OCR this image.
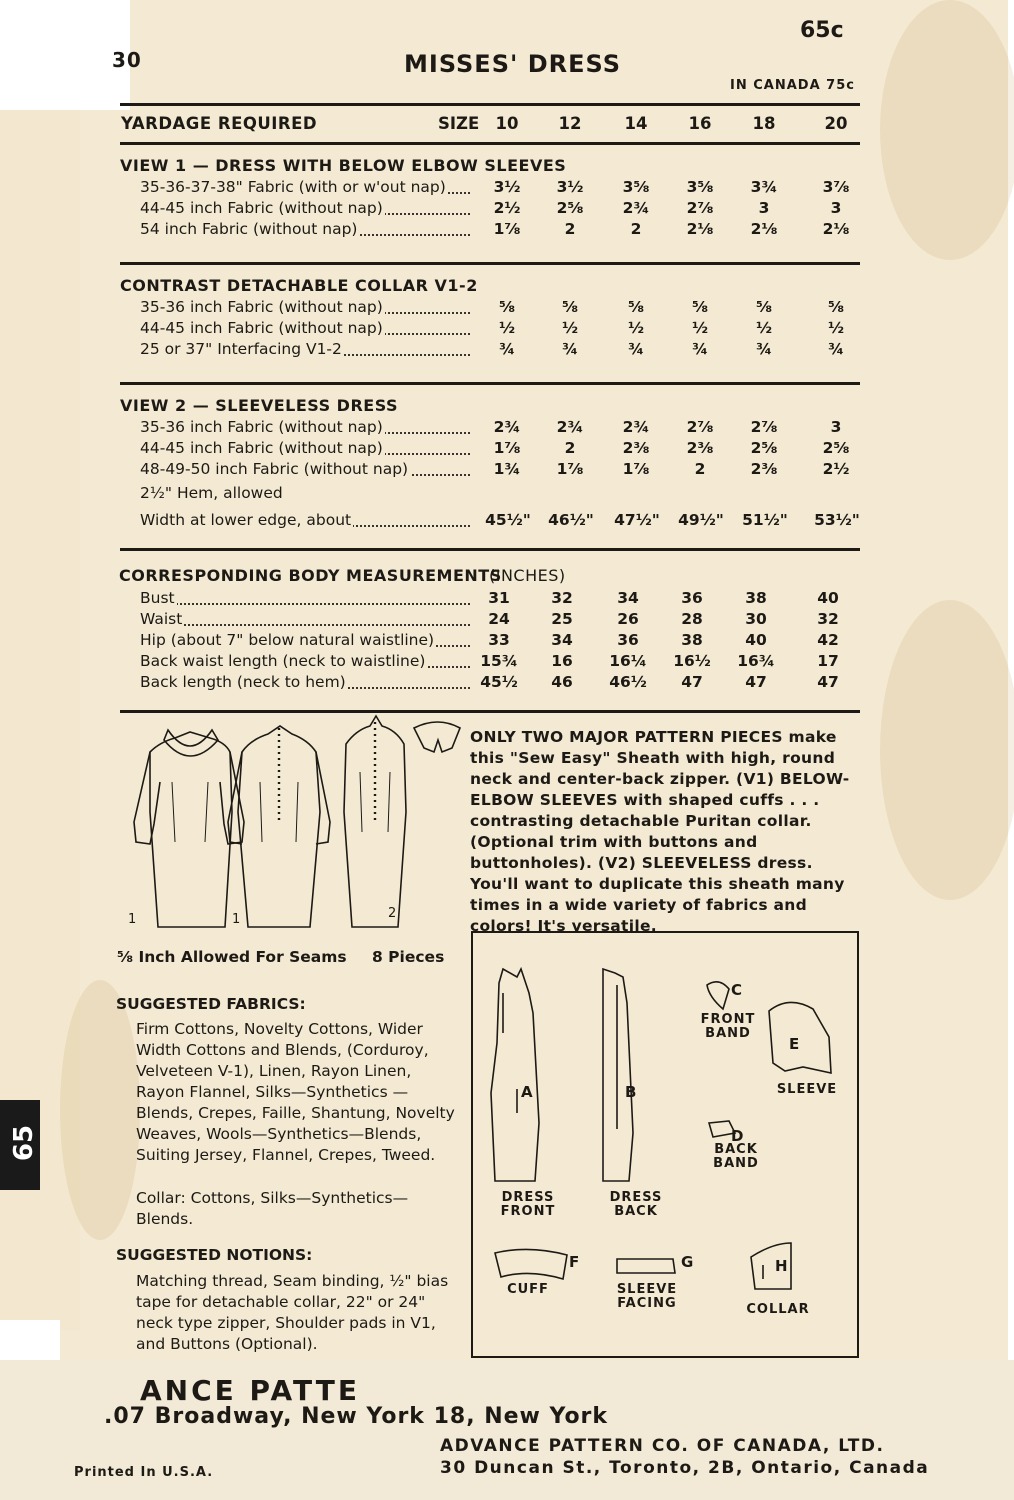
30	MISSES' DRESS
65c
IN CANADA 75c
YARDAGE REQUIRED	SIZE 10	12	14	16	18	20
VIEW 1 — DRESS WITH BELOW ELBOW SLEEVES
35-36-37-38" Fabric (with or w'out nap)	3½	3½	3⅝	3⅝	3¾	3⅞
44-45 inch Fabric (without nap)	2½	2⅝	2¾	2⅞	3	3
54 inch Fabric (without nap)	1⅞	2	2	2⅛	2⅛	2⅛
CONTRAST DETACHABLE COLLAR V1-2
35-36 inch Fabric (without nap)	⅝	⅝	⅝	⅝	⅝	⅝
44-45 inch Fabric (without nap)	½	½	½	½	½	½
25 or 37" Interfacing V1-2	¾	¾	¾	¾	¾	¾
VIEW 2 — SLEEVELESS DRESS
35-36 inch Fabric (without nap)	2¾	2¾	2¾	2⅞	2⅞	3
44-45 inch Fabric (without nap)	1⅞	2	2⅜	2⅜	2⅝	2⅝
48-49-50 inch Fabric (without nap)	1¾	1⅞	1⅞	2	2⅜	2½
2½" Hem, allowed
Width at lower edge, about	45½"	46½"	47½"	49½"	51½"	53½"
CORRESPONDING BODY MEASUREMENTS
(INCHES)
Bust	31	32	34	36	38	40
Waist	24	25	26	28	30	32
Hip (about 7" below natural waistline)	33	34	36	38	40	42
Back waist length (neck to waistline)	15¾	16	16¼	16½	16¾	17
Back length (neck to hem)	45½	46	46½	47	47	47
1	1	2
ONLY TWO MAJOR PATTERN PIECES make this "Sew Easy" Sheath with high, round neck and center-back zipper. (V1) BELOW-ELBOW SLEEVES with shaped cuffs . . . contrasting detachable Puritan collar. (Optional trim with buttons and buttonholes). (V2) SLEEVELESS dress. You'll want to duplicate this sheath many times in a wide variety of fabrics and colors! It's versatile.
⅝ Inch Allowed For Seams 8 Pieces
SUGGESTED FABRICS:
Firm Cottons, Novelty Cottons, Wider Width Cottons and Blends, (Corduroy, Velveteen V-1), Linen, Rayon Linen, Rayon Flannel, Silks—Synthetics — Blends, Crepes, Faille, Shantung, Novelty Weaves, Wools—Synthetics—Blends, Suiting Jersey, Flannel, Crepes, Tweed.
Collar: Cottons, Silks—Synthetics—Blends.
SUGGESTED NOTIONS:
Matching thread, Seam binding, ½" bias tape for detachable collar, 22" or 24" neck type zipper, Shoulder pads in V1, and Buttons (Optional).
A
DRESS FRONT
B
DRESS BACK
C
FRONT BAND
D
BACK BAND
E
SLEEVE
F
CUFF
G
SLEEVE FACING
H
COLLAR
65
ANCE PATTE
.07 Broadway, New York 18, New York
ADVANCE PATTERN CO. OF CANADA, LTD.
30 Duncan St., Toronto, 2B, Ontario, Canada
Printed In U.S.A.
